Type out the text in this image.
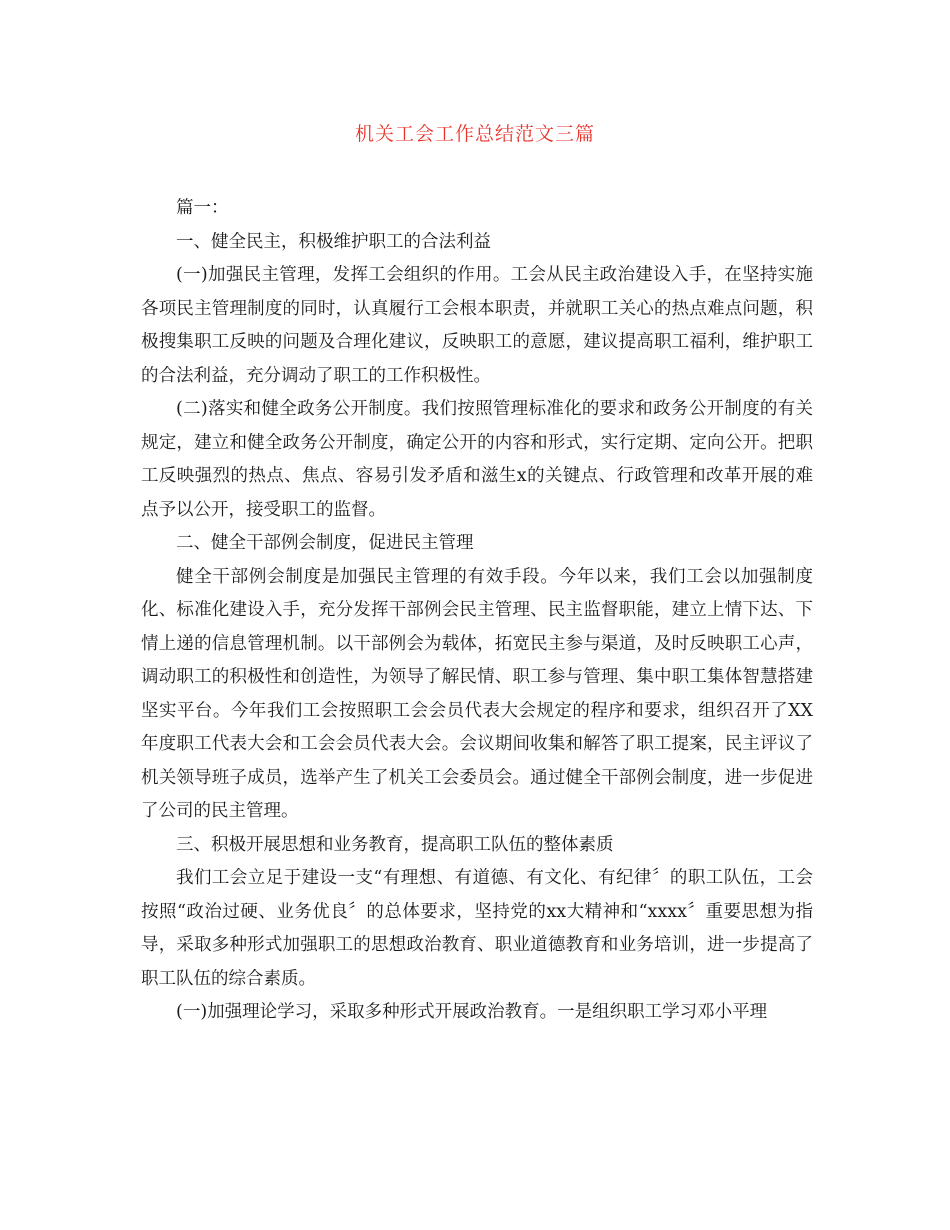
机关工会工作总结范文三篇

篇一：

一、健全民主，积极维护职工的合法利益

(一)加强民主管理，发挥工会组织的作用。工会从民主政治建设入手，在坚持实施各项民主管理制度的同时，认真履行工会根本职责，并就职工关心的热点难点问题，积极搜集职工反映的问题及合理化建议，反映职工的意愿，建议提高职工福利，维护职工的合法利益，充分调动了职工的工作积极性。

(二)落实和健全政务公开制度。我们按照管理标准化的要求和政务公开制度的有关规定，建立和健全政务公开制度，确定公开的内容和形式，实行定期、定向公开。把职工反映强烈的热点、焦点、容易引发矛盾和滋生x的关键点、行政管理和改革开展的难点予以公开，接受职工的监督。

二、健全干部例会制度，促进民主管理

健全干部例会制度是加强民主管理的有效手段。今年以来，我们工会以加强制度化、标准化建设入手，充分发挥干部例会民主管理、民主监督职能，建立上情下达、下情上递的信息管理机制。以干部例会为载体，拓宽民主参与渠道，及时反映职工心声，调动职工的积极性和创造性，为领导了解民情、职工参与管理、集中职工集体智慧搭建坚实平台。今年我们工会按照职工会会员代表大会规定的程序和要求，组织召开了XX年度职工代表大会和工会会员代表大会。会议期间收集和解答了职工提案，民主评议了机关领导班子成员，选举产生了机关工会委员会。通过健全干部例会制度，进一步促进了公司的民主管理。

三、积极开展思想和业务教育，提高职工队伍的整体素质

我们工会立足于建设一支“有理想、有道德、有文化、有纪律〞的职工队伍，工会按照“政治过硬、业务优良〞的总体要求，坚持党的xx大精神和“xxxx〞重要思想为指导，采取多种形式加强职工的思想政治教育、职业道德教育和业务培训，进一步提高了职工队伍的综合素质。

(一)加强理论学习，采取多种形式开展政治教育。一是组织职工学习邓小平理
